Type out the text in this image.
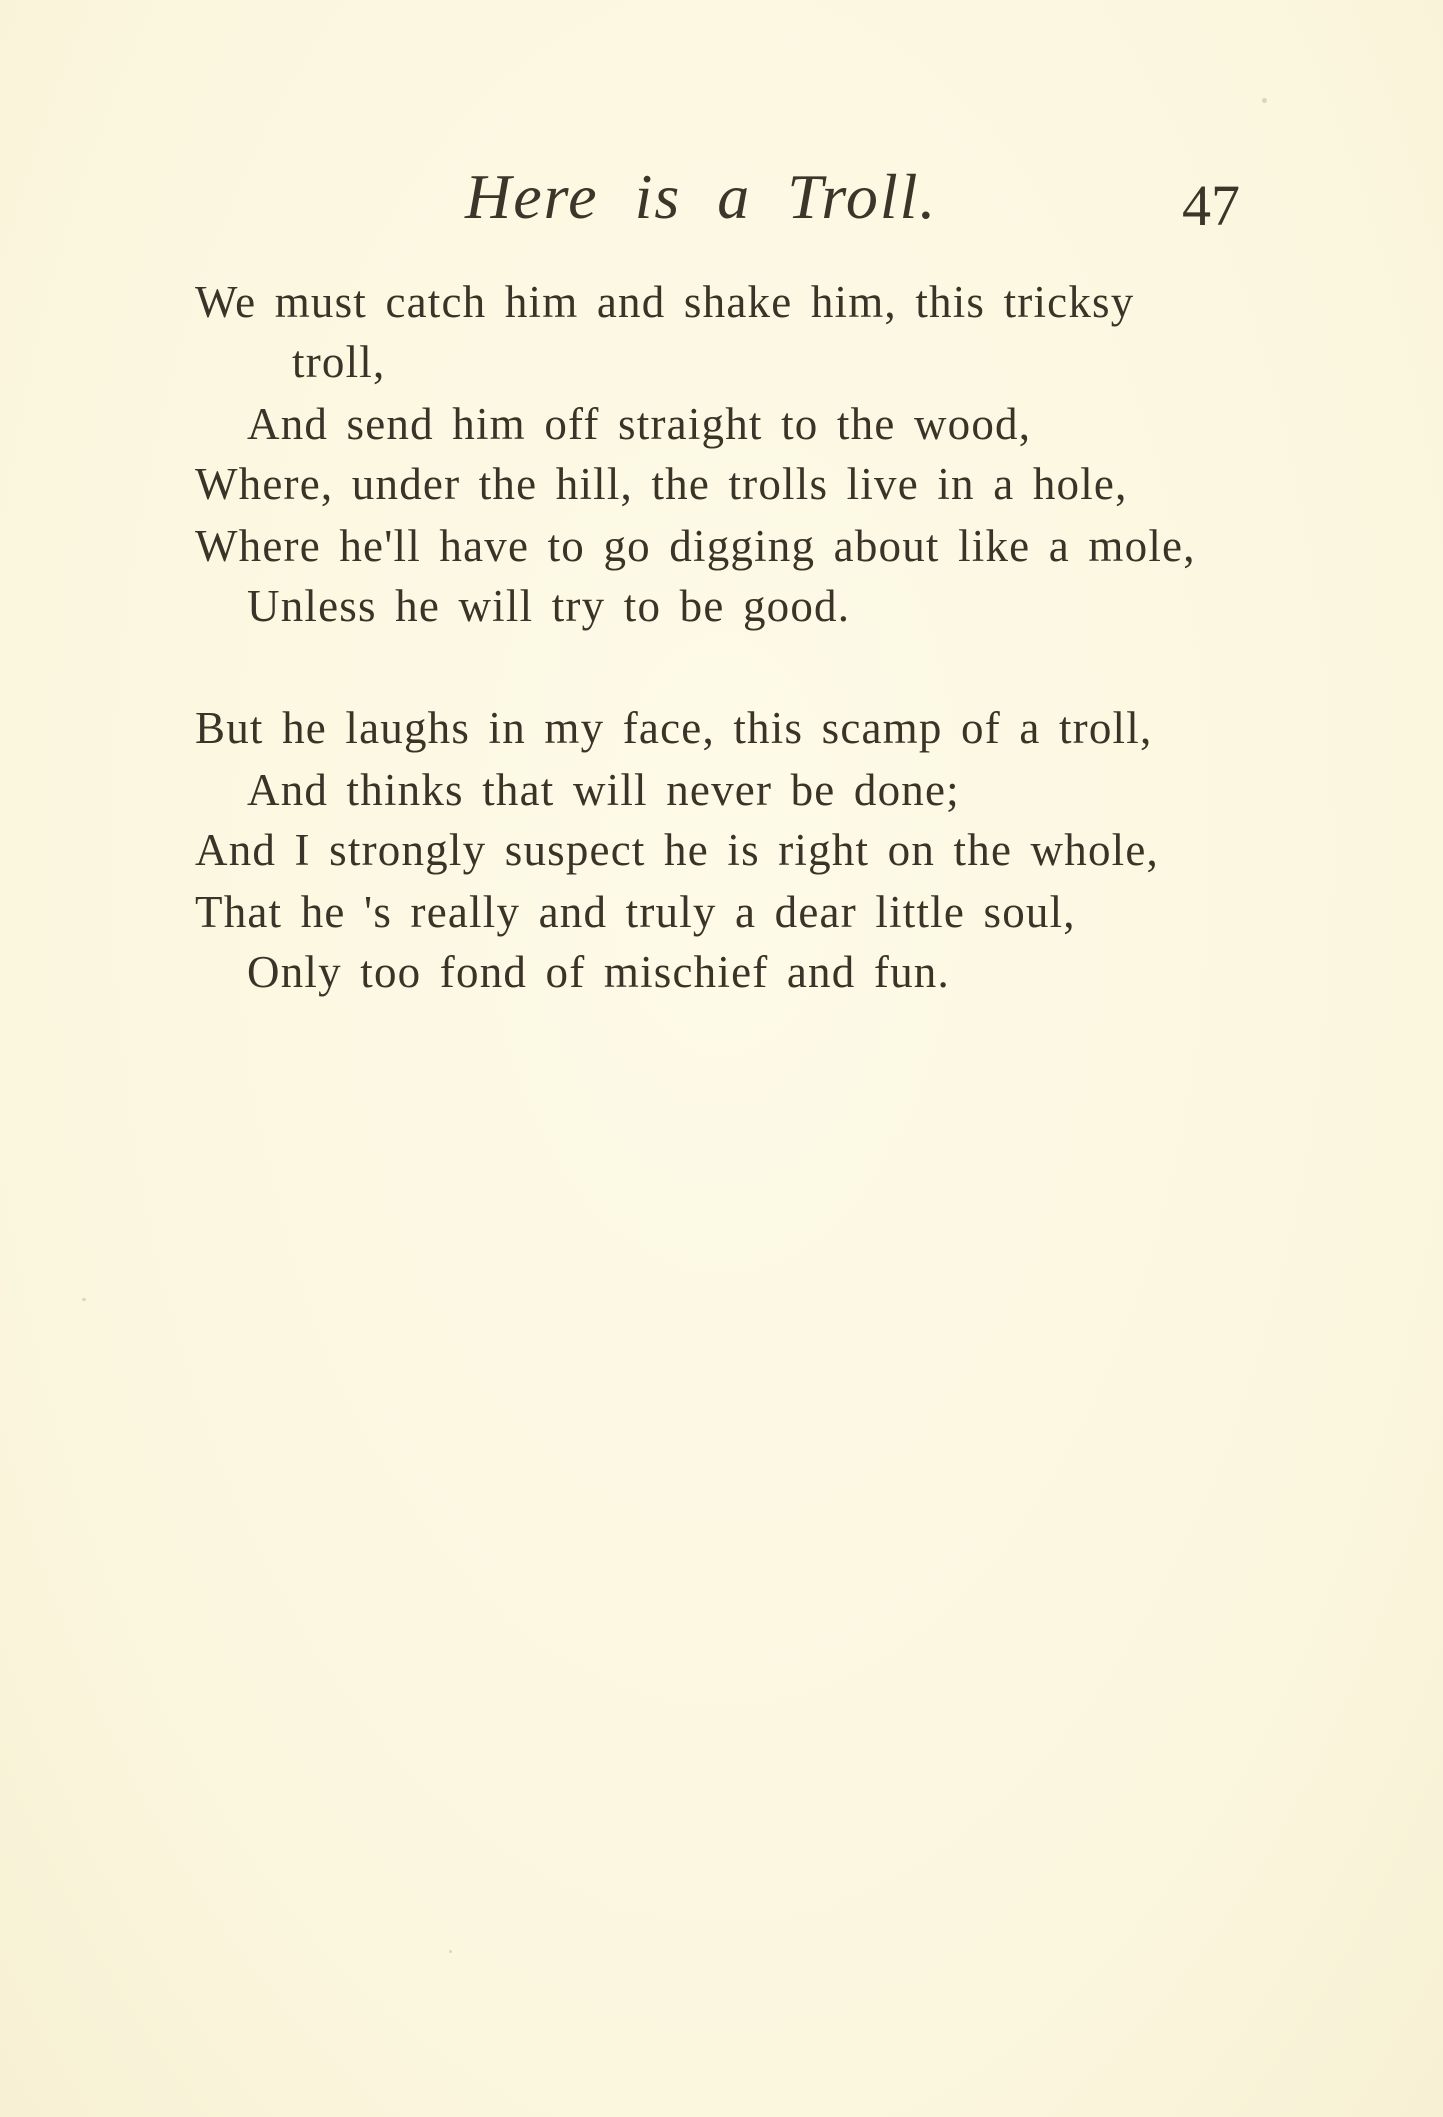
Here is a Troll.	47
We must catch him and shake him, this tricksy
troll,
And send him off straight to the wood,
Where, under the hill, the trolls live in a hole,
Where he'll have to go digging about like a mole,
Unless he will try to be good.
But he laughs in my face, this scamp of a troll,
And thinks that will never be done;
And I strongly suspect he is right on the whole,
That he 's really and truly a dear little soul,
Only too fond of mischief and fun.
